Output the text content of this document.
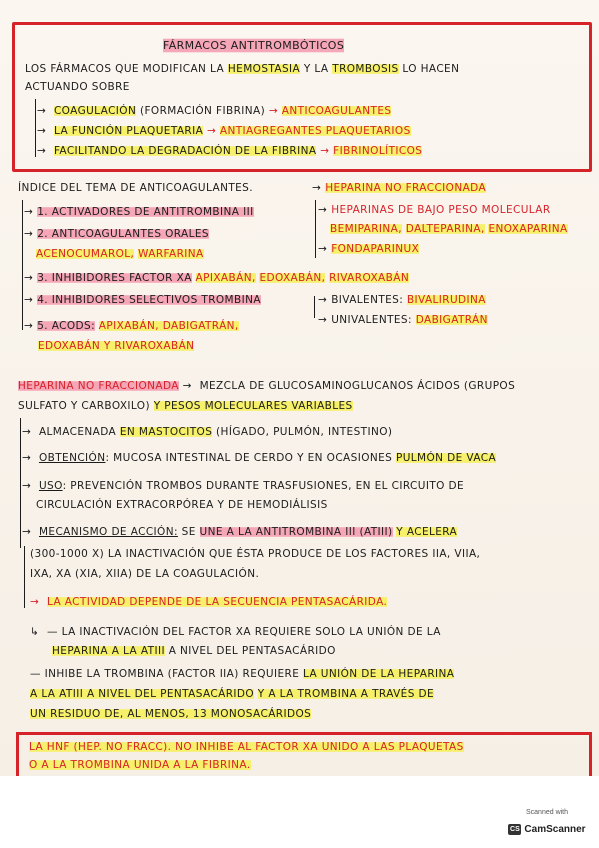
FÁRMACOS ANTITROMBÓTICOS
LOS FÁRMACOS QUE MODIFICAN LA HEMOSTASIA Y LA TROMBOSIS LO HACEN
ACTUANDO SOBRE
→ COAGULACIÓN (FORMACIÓN FIBRINA) → ANTICOAGULANTES
→ LA FUNCIÓN PLAQUETARIA → ANTIAGREGANTES PLAQUETARIOS
→ FACILITANDO LA DEGRADACIÓN DE LA FIBRINA → FIBRINOLÍTICOS
ÍNDICE DEL TEMA DE ANTICOAGULANTES.	→ HEPARINA NO FRACCIONADA
→ 1. ACTIVADORES DE ANTITROMBINA III	→ HEPARINAS DE BAJO PESO MOLECULAR
BEMIPARINA, DALTEPARINA, ENOXAPARINA
→ FONDAPARINUX
→ 2. ANTICOAGULANTES ORALES
ACENOCUMAROL, WARFARINA
→ 3. INHIBIDORES FACTOR XA APIXABÁN, EDOXABÁN, RIVAROXABÁN
→ 4. INHIBIDORES SELECTIVOS TROMBINA	→ BIVALENTES: BIVALIRUDINA
→ UNIVALENTES: DABIGATRÁN
→ 5. ACODS: APIXABÁN, DABIGATRÁN,
EDOXABÁN Y RIVAROXABÁN
HEPARINA NO FRACCIONADA → MEZCLA DE GLUCOSAMINOGLUCANOS ÁCIDOS (GRUPOS
SULFATO Y CARBOXILO) Y PESOS MOLECULARES VARIABLES
→ ALMACENADA EN MASTOCITOS (HÍGADO, PULMÓN, INTESTINO)
→ OBTENCIÓN: MUCOSA INTESTINAL DE CERDO Y EN OCASIONES PULMÓN DE VACA
→ USO: PREVENCIÓN TROMBOS DURANTE TRASFUSIONES, EN EL CIRCUITO DE
CIRCULACIÓN EXTRACORPÓREA Y DE HEMODIÁLISIS
→ MECANISMO DE ACCIÓN: SE UNE A LA ANTITROMBINA III (ATIII) Y ACELERA
(300-1000 X) LA INACTIVACIÓN QUE ÉSTA PRODUCE DE LOS FACTORES IIA, VIIA,
IXA, XA (XIA, XIIA) DE LA COAGULACIÓN.
→ LA ACTIVIDAD DEPENDE DE LA SECUENCIA PENTASACÁRIDA.
↳ — LA INACTIVACIÓN DEL FACTOR XA REQUIERE SOLO LA UNIÓN DE LA
HEPARINA A LA ATIII A NIVEL DEL PENTASACÁRIDO
— INHIBE LA TROMBINA (FACTOR IIA) REQUIERE LA UNIÓN DE LA HEPARINA
A LA ATIII A NIVEL DEL PENTASACÁRIDO Y A LA TROMBINA A TRAVÉS DE
UN RESIDUO DE, AL MENOS, 13 MONOSACÁRIDOS
LA HNF (HEP. NO FRACC). NO INHIBE AL FACTOR XA UNIDO A LAS PLAQUETAS
O A LA TROMBINA UNIDA A LA FIBRINA.
Scanned with
CS CamScanner
